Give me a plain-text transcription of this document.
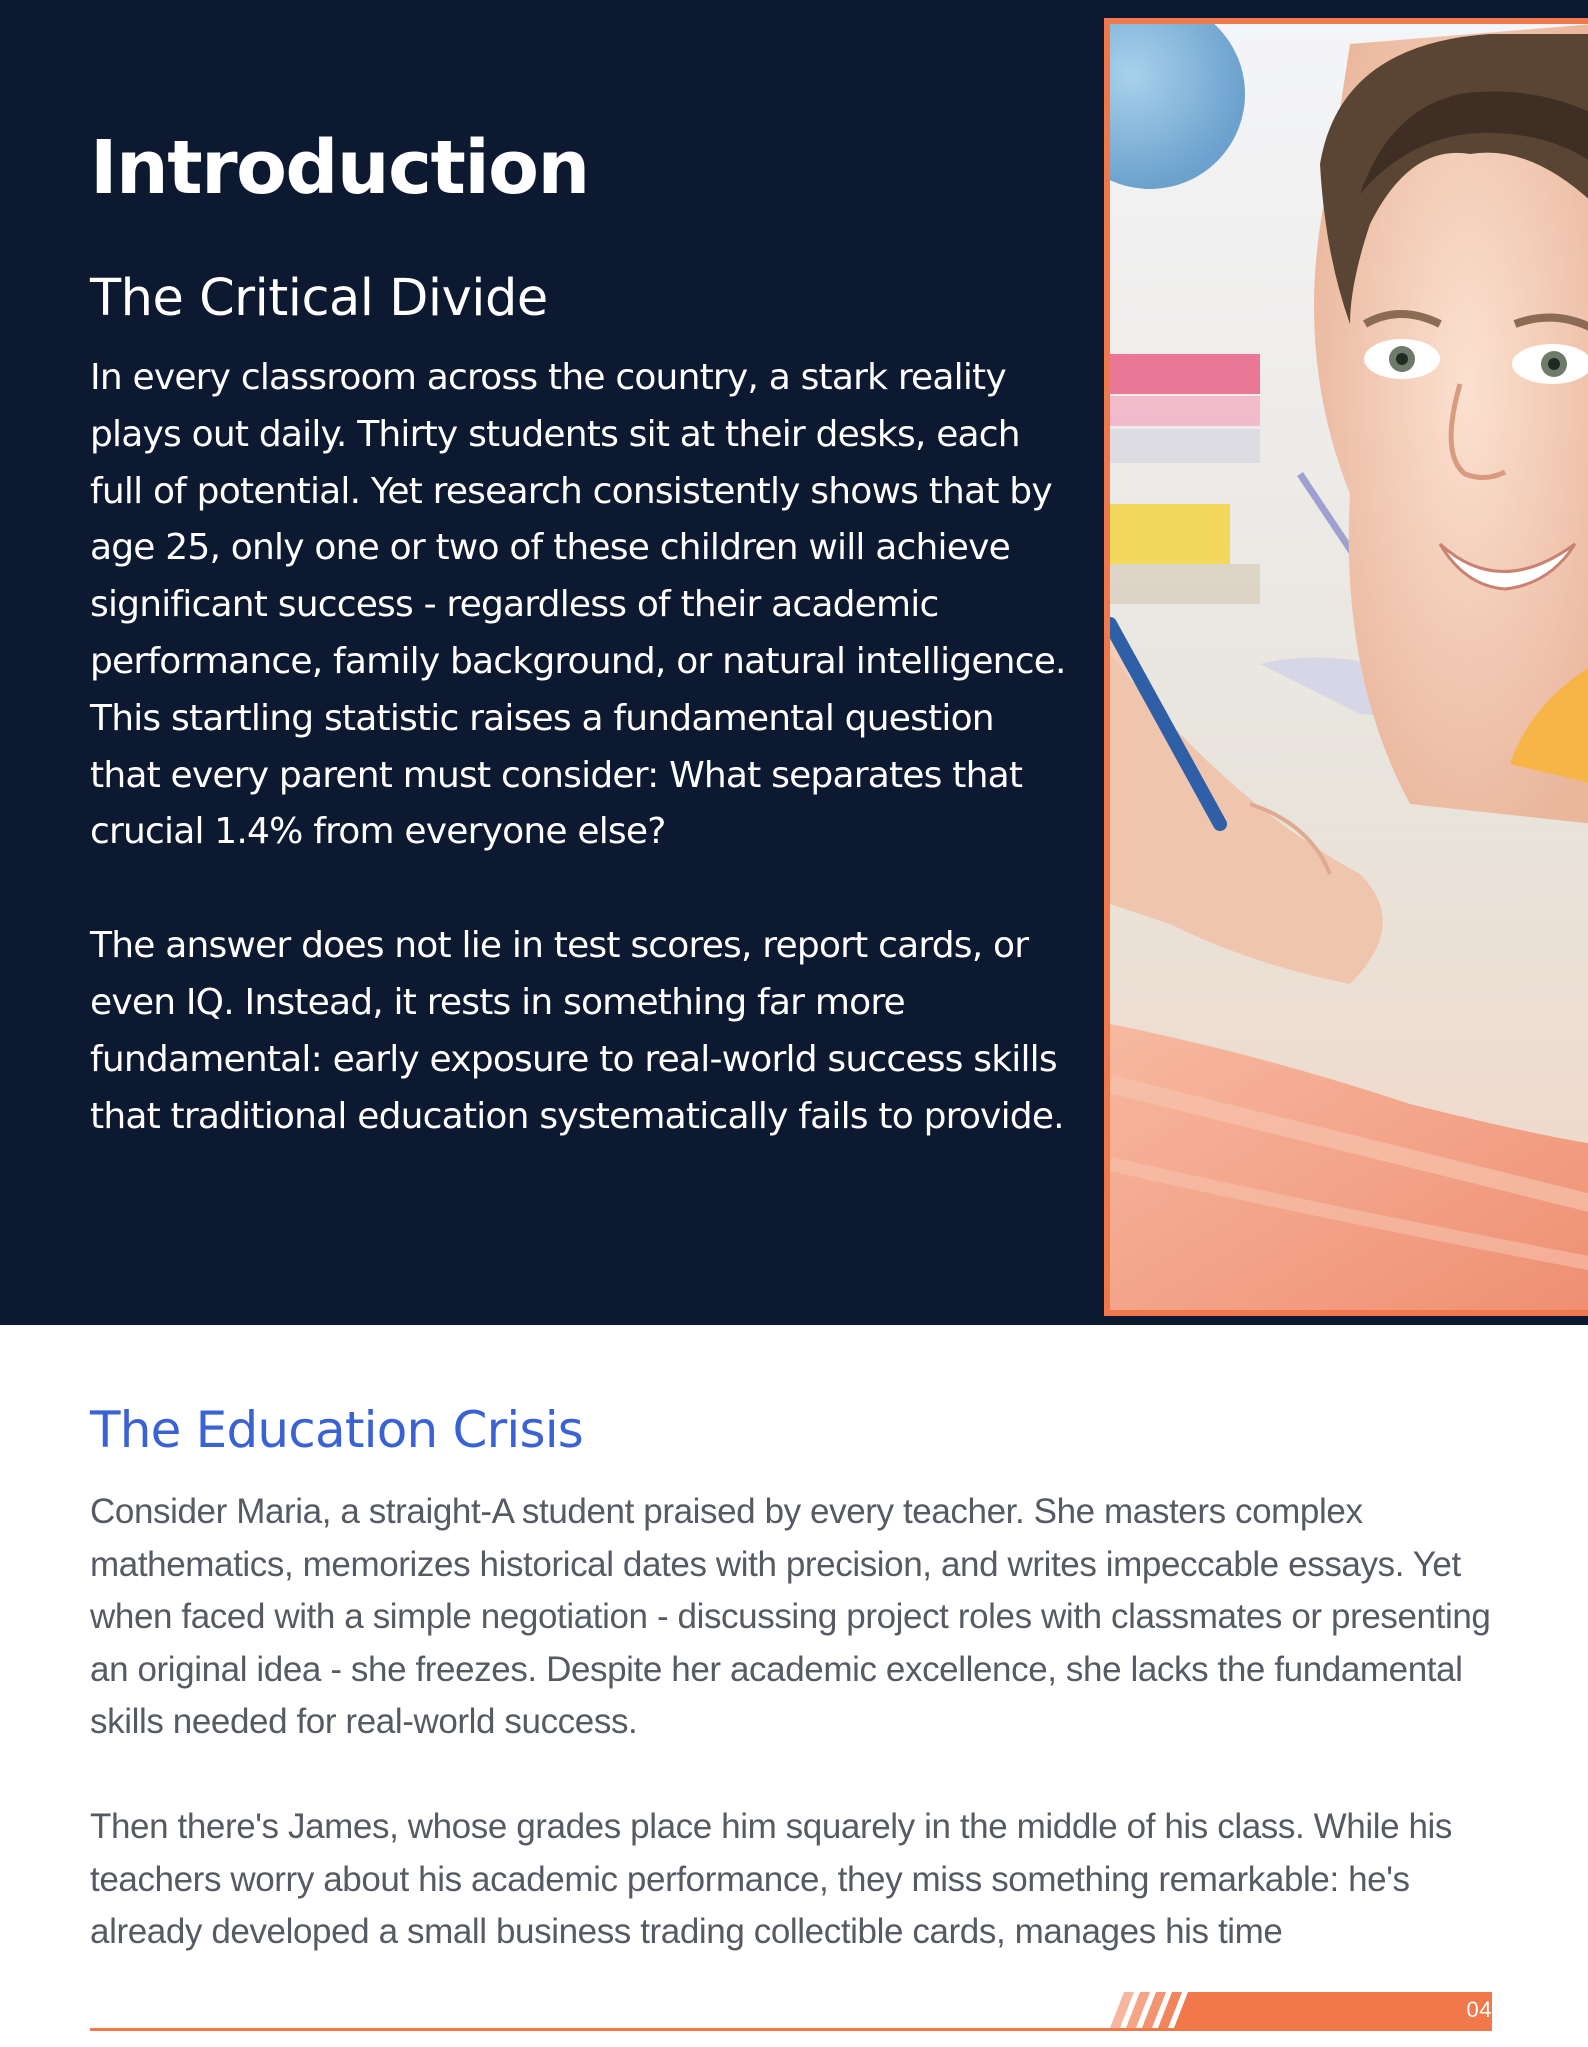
Introduction
The Critical Divide

In every classroom across the country, a stark reality plays out daily. Thirty students sit at their desks, each full of potential. Yet research consistently shows that by age 25, only one or two of these children will achieve significant success - regardless of their academic performance, family background, or natural intelligence. This startling statistic raises a fundamental question that every parent must consider: What separates that crucial 1.4% from everyone else?

The answer does not lie in test scores, report cards, or even IQ. Instead, it rests in something far more fundamental: early exposure to real-world success skills that traditional education systematically fails to provide.

The Education Crisis

Consider Maria, a straight-A student praised by every teacher. She masters complex mathematics, memorizes historical dates with precision, and writes impeccable essays. Yet when faced with a simple negotiation - discussing project roles with classmates or presenting an original idea - she freezes. Despite her academic excellence, she lacks the fundamental skills needed for real-world success.

Then there's James, whose grades place him squarely in the middle of his class. While his teachers worry about his academic performance, they miss something remarkable: he's already developed a small business trading collectible cards, manages his time

04
